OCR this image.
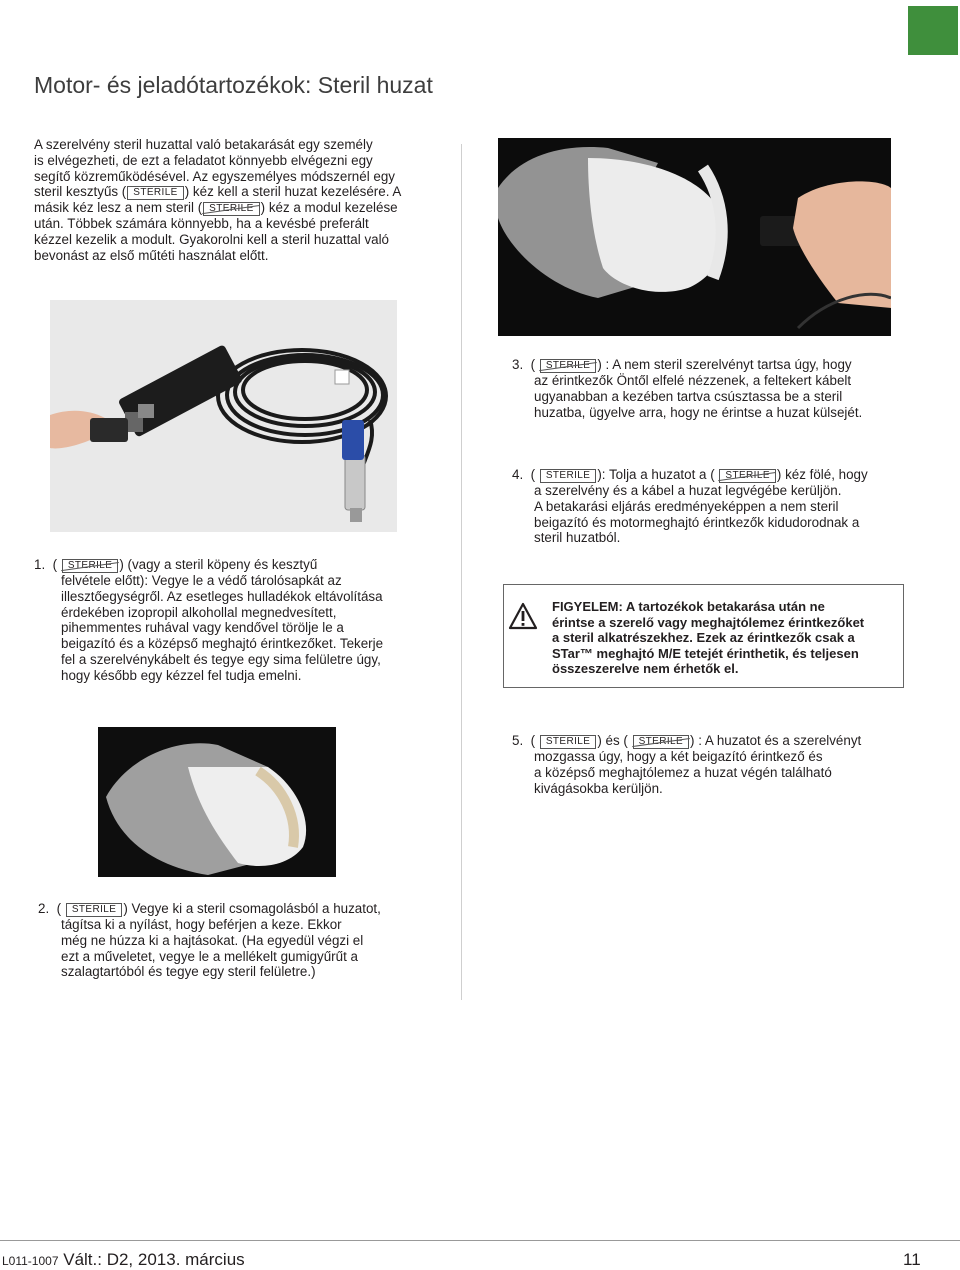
Motor- és jeladótartozékok: Steril huzat
A szerelvény steril huzattal való betakarását egy személy
is elvégezheti, de ezt a feladatot könnyebb elvégezni egy
segítő közreműködésével. Az egyszemélyes módszernél egy
steril kesztyűs ( STERILE ) kéz kell a steril huzat kezelésére. A
másik kéz lesz a nem steril ( STERILE ) kéz a modul kezelése
után. Többek számára könnyebb, ha a kevésbé preferált
kézzel kezelik a modult. Gyakorolni kell a steril huzattal való
bevonást az első műtéti használat előtt.
1. ( STERILE ) (vagy a steril köpeny és kesztyű
felvétele előtt): Vegye le a védő tárolósapkát az
illesztőegységről. Az esetleges hulladékok eltávolítása
érdekében izopropil alkohollal megnedvesített,
pihemmentes ruhával vagy kendővel törölje le a
beigazító és a középső meghajtó érintkezőket. Tekerje
fel a szerelvénykábelt és tegye egy sima felületre úgy,
hogy később egy kézzel fel tudja emelni.
2. ( STERILE ) Vegye ki a steril csomagolásból a huzatot,
tágítsa ki a nyílást, hogy beférjen a keze. Ekkor
még ne húzza ki a hajtásokat. (Ha egyedül végzi el
ezt a műveletet, vegye le a mellékelt gumigyűrűt a
szalagtartóból és tegye egy steril felületre.)
3. ( STERILE ) : A nem steril szerelvényt tartsa úgy, hogy
az érintkezők Öntől elfelé nézzenek, a feltekert kábelt
ugyanabban a kezében tartva csúsztassa be a steril
huzatba, ügyelve arra, hogy ne érintse a huzat külsejét.
4. ( STERILE ): Tolja a huzatot a ( STERILE ) kéz fölé, hogy
a szerelvény és a kábel a huzat legvégébe kerüljön.
A betakarási eljárás eredményeképpen a nem steril
beigazító és motormeghajtó érintkezők kidudorodnak a
steril huzatból.
FIGYELEM: A tartozékok betakarása után ne
érintse a szerelő vagy meghajtólemez érintkezőket
a steril alkatrészekhez. Ezek az érintkezők csak a
STar™ meghajtó M/E tetejét érinthetik, és teljesen
összeszerelve nem érhetők el.
5. ( STERILE ) és ( STERILE ) : A huzatot és a szerelvényt
mozgassa úgy, hogy a két beigazító érintkező és
a középső meghajtólemez a huzat végén található
kivágásokba kerüljön.
L011-1007 Vált.: D2, 2013. március	11
